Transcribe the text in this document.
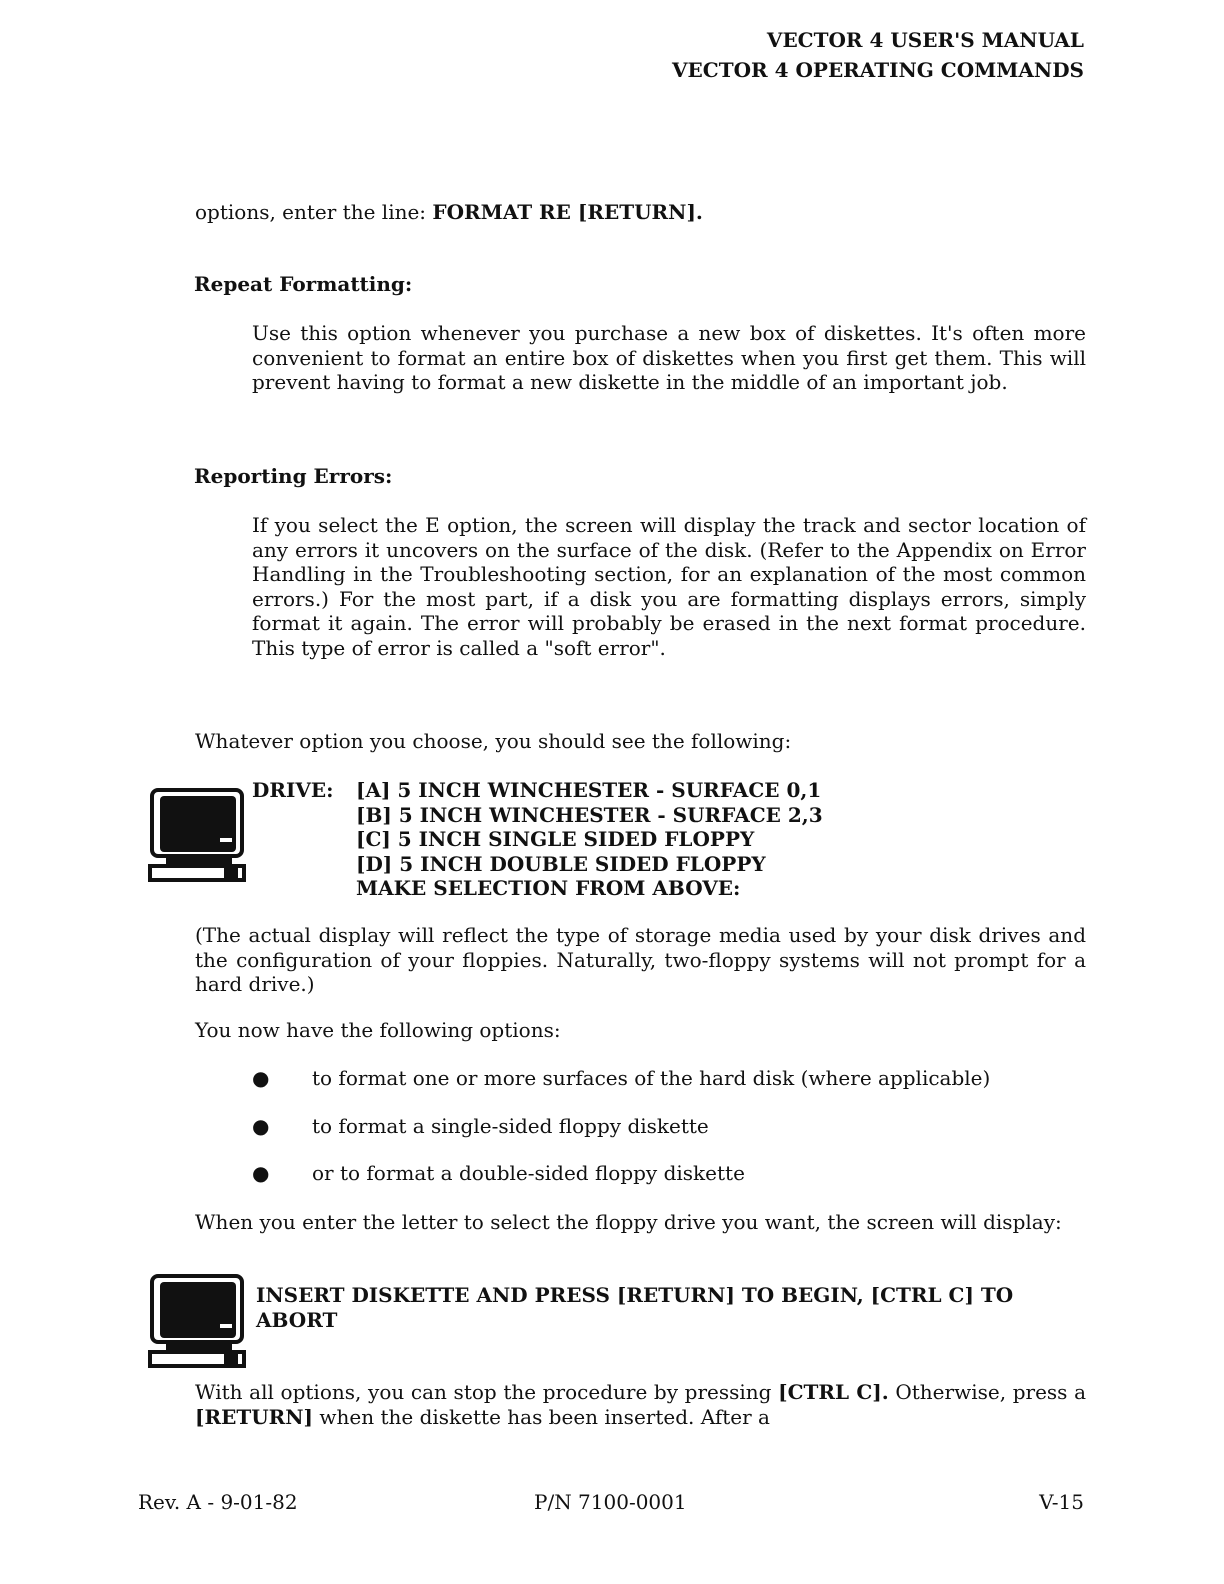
VECTOR 4 USER'S MANUAL
VECTOR 4 OPERATING COMMANDS
options, enter the line: FORMAT RE [RETURN].
Repeat Formatting:
Use this option whenever you purchase a new box of diskettes. It's often more convenient to format an entire box of diskettes when you first get them. This will prevent having to format a new diskette in the middle of an important job.
Reporting Errors:
If you select the E option, the screen will display the track and sector location of any errors it uncovers on the surface of the disk. (Refer to the Appendix on Error Handling in the Troubleshooting section, for an explanation of the most common errors.) For the most part, if a disk you are formatting displays errors, simply format it again. The error will probably be erased in the next format procedure. This type of error is called a "soft error".
Whatever option you choose, you should see the following:
DRIVE: [A] 5 INCH WINCHESTER - SURFACE 0,1
[B] 5 INCH WINCHESTER - SURFACE 2,3
[C] 5 INCH SINGLE SIDED FLOPPY
[D] 5 INCH DOUBLE SIDED FLOPPY
MAKE SELECTION FROM ABOVE:
(The actual display will reflect the type of storage media used by your disk drives and the configuration of your floppies. Naturally, two-floppy systems will not prompt for a hard drive.)
You now have the following options:
● to format one or more surfaces of the hard disk (where applicable)
● to format a single-sided floppy diskette
● or to format a double-sided floppy diskette
When you enter the letter to select the floppy drive you want, the screen will display:
INSERT DISKETTE AND PRESS [RETURN] TO BEGIN, [CTRL C] TO ABORT
With all options, you can stop the procedure by pressing [CTRL C]. Otherwise, press a [RETURN] when the diskette has been inserted. After a
Rev. A - 9-01-82	P/N 7100-0001	V-15
